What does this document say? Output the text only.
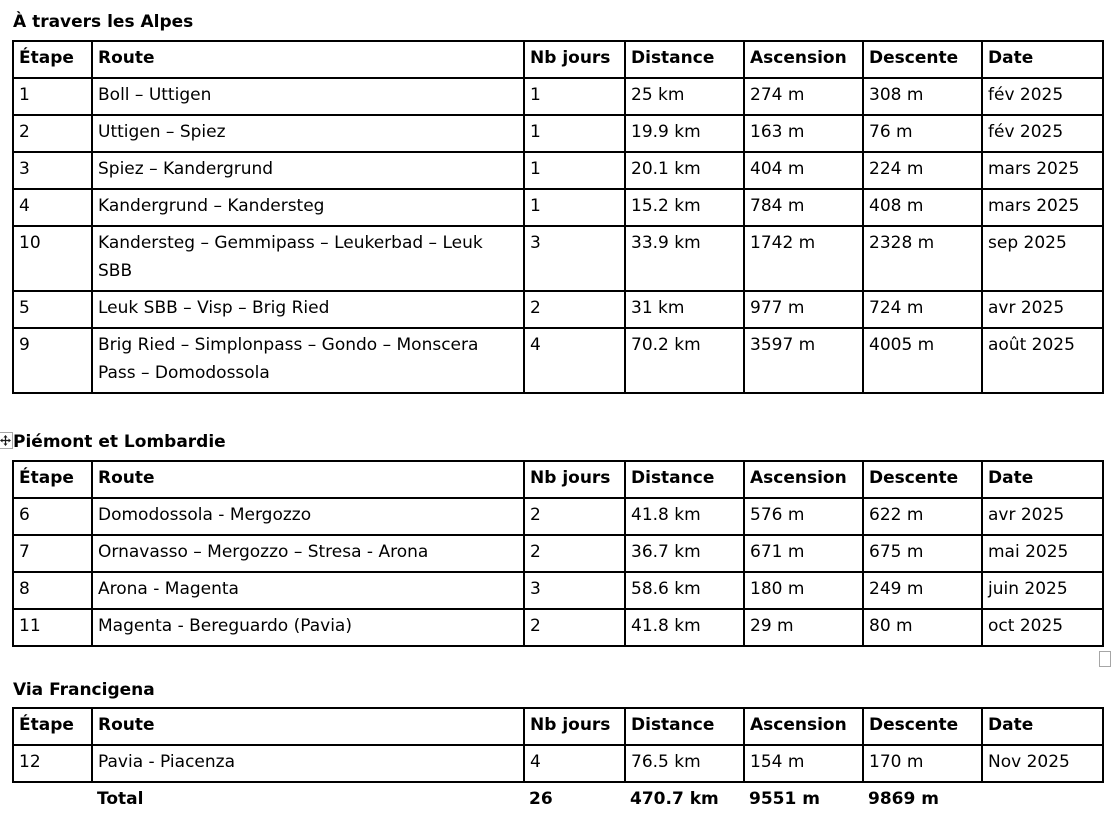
À travers les Alpes
Étape	Route	Nb jours	Distance	Ascension	Descente	Date
1	Boll – Uttigen	1	25 km	274 m	308 m	fév 2025
2	Uttigen – Spiez	1	19.9 km	163 m	76 m	fév 2025
3	Spiez – Kandergrund	1	20.1 km	404 m	224 m	mars 2025
4	Kandergrund – Kandersteg	1	15.2 km	784 m	408 m	mars 2025
10	Kandersteg – Gemmipass – Leukerbad – Leuk SBB	3	33.9 km	1742 m	2328 m	sep 2025
5	Leuk SBB – Visp – Brig Ried	2	31 km	977 m	724 m	avr 2025
9	Brig Ried – Simplonpass – Gondo – Monscera Pass – Domodossola	4	70.2 km	3597 m	4005 m	août 2025
Piémont et Lombardie
Étape	Route	Nb jours	Distance	Ascension	Descente	Date
6	Domodossola - Mergozzo	2	41.8 km	576 m	622 m	avr 2025
7	Ornavasso – Mergozzo – Stresa - Arona	2	36.7 km	671 m	675 m	mai 2025
8	Arona - Magenta	3	58.6 km	180 m	249 m	juin 2025
11	Magenta - Bereguardo (Pavia)	2	41.8 km	29 m	80 m	oct 2025
Via Francigena
Étape	Route	Nb jours	Distance	Ascension	Descente	Date
12	Pavia - Piacenza	4	76.5 km	154 m	170 m	Nov 2025
	Total	26	470.7 km	9551 m	9869 m	
